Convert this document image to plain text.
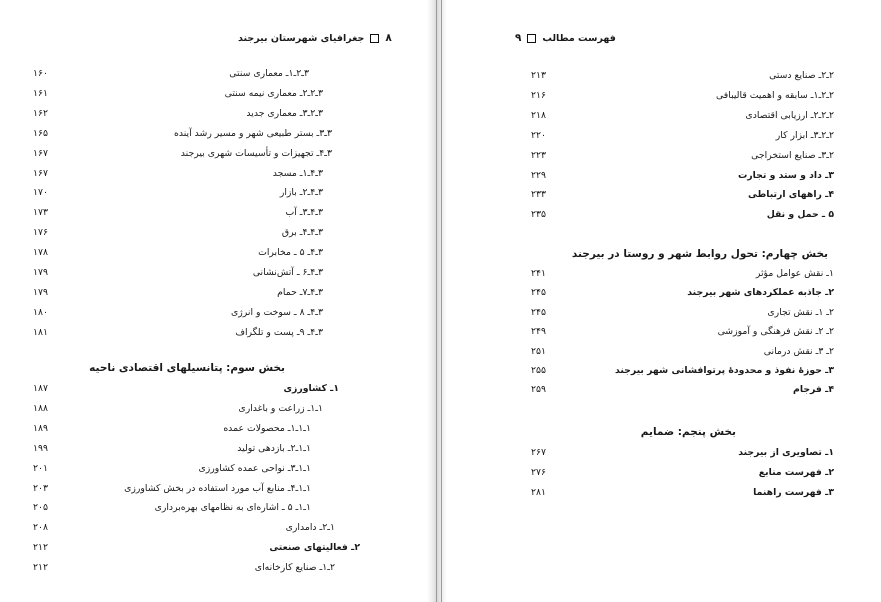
جغرافیای شهرستان بیرجند ۸
۳ـ۲ـ۱ـ معماری سنتی
۱۶۰
۳ـ۲ـ۲ـ معماری نیمه سنتی
۱۶۱
۳ـ۲ـ۳ـ معماری جدید
۱۶۲
۳ـ۳ـ بستر طبیعی شهر و مسیر رشد آینده
۱۶۵
۳ـ۴ـ تجهیزات و تأسیسات شهری بیرجند
۱۶۷
۳ـ۴ـ۱ـ مسجد
۱۶۷
۳ـ۴ـ۲ـ بازار
۱۷۰
۳ـ۴ـ۳ـ آب
۱۷۳
۳ـ۴ـ۴ـ برق
۱۷۶
۳ـ۴ـ ۵ ـ مخابرات
۱۷۸
۳ـ۴ـ۶ ـ آتش‌نشانی
۱۷۹
۳ـ۴ـ۷ـ حمام
۱۷۹
۳ـ۴ـ ۸ ـ سوخت و انرژی
۱۸۰
۳ـ۴ـ ۹ـ پست و تلگراف
۱۸۱
بخش سوم: پتانسیلهای اقتصادی ناحیه
۱ـ کشاورزی
۱۸۷
۱ـ۱ـ زراعت و باغداری
۱۸۸
۱ـ۱ـ۱ـ محصولات عمده
۱۸۹
۱ـ۱ـ۲ـ بازدهی تولید
۱۹۹
۱ـ۱ـ۳ـ نواحی عمده کشاورزی
۲۰۱
۱ـ۱ـ۴ـ منابع آب مورد استفاده در بخش کشاورزی
۲۰۳
۱ـ۱ـ ۵ ـ اشاره‌ای به نظامهای بهره‌برداری
۲۰۵
۱ـ۲ـ دامداری
۲۰۸
۲ـ فعالیتهای صنعتی
۲۱۲
۲ـ۱ـ صنایع کارخانه‌ای
۲۱۲
۹ فهرست مطالب
۲ـ۲ـ صنایع دستی
۲۱۳
۲ـ۲ـ۱ـ سابقه و اهمیت قالیبافی
۲۱۶
۲ـ۲ـ۲ـ ارزیابی اقتصادی
۲۱۸
۲ـ۲ـ۳ـ ابزار کار
۲۲۰
۲ـ۳ـ صنایع استخراجی
۲۲۳
۳ـ داد و ستد و تجارت
۲۲۹
۴ـ راههای ارتباطی
۲۳۳
۵ ـ حمل و نقل
۲۳۵
بخش چهارم: تحول روابط شهر و روستا در بیرجند
۱ـ نقش عوامل مؤثر
۲۴۱
۲ـ جاذبه عملکردهای شهر بیرجند
۲۴۵
۲ـ ۱ـ نقش تجاری
۲۴۵
۲ـ ۲ـ نقش فرهنگی و آموزشی
۲۴۹
۲ـ ۳ـ نقش درمانی
۲۵۱
۳ـ حوزهٔ نفوذ و محدودهٔ پرتوافشانی شهر بیرجند
۲۵۵
۴ـ فرجام
۲۵۹
بخش پنجم: ضمایم
۱ـ تصاویری از بیرجند
۲۶۷
۲ـ فهرست منابع
۲۷۶
۳ـ فهرست راهنما
۲۸۱
